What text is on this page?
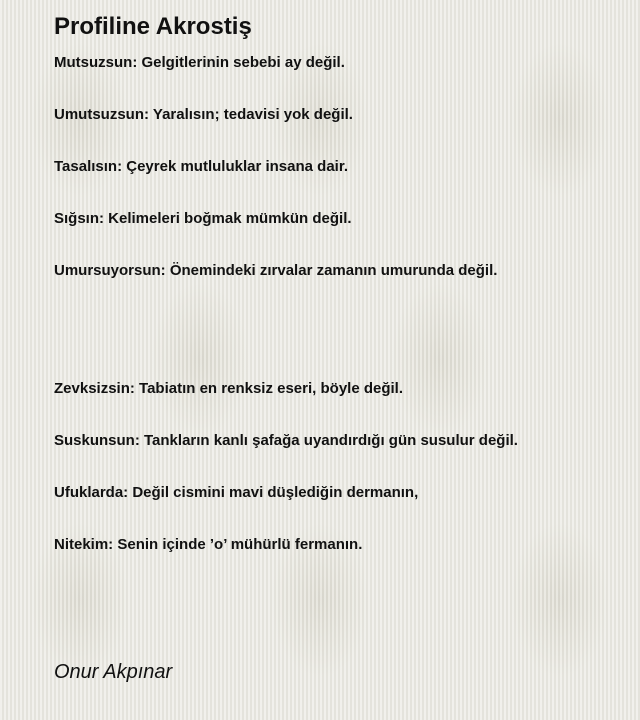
Profiline Akrostiş

Mutsuzsun: Gelgitlerinin sebebi ay değil.

Umutsuzsun: Yaralısın; tedavisi yok değil.

Tasalısın: Çeyrek mutluluklar insana dair.

Sığsın: Kelimeleri boğmak mümkün değil.

Umursuyorsun: Önemindeki zırvalar zamanın umurunda değil.

Zevksizsin: Tabiatın en renksiz eseri, böyle değil.

Suskunsun: Tankların kanlı şafağa uyandırdığı gün susulur değil.

Ufuklarda: Değil cismini mavi düşlediğin dermanın,

Nitekim: Senin içinde ’o’ mühürlü fermanın.

Onur Akpınar
